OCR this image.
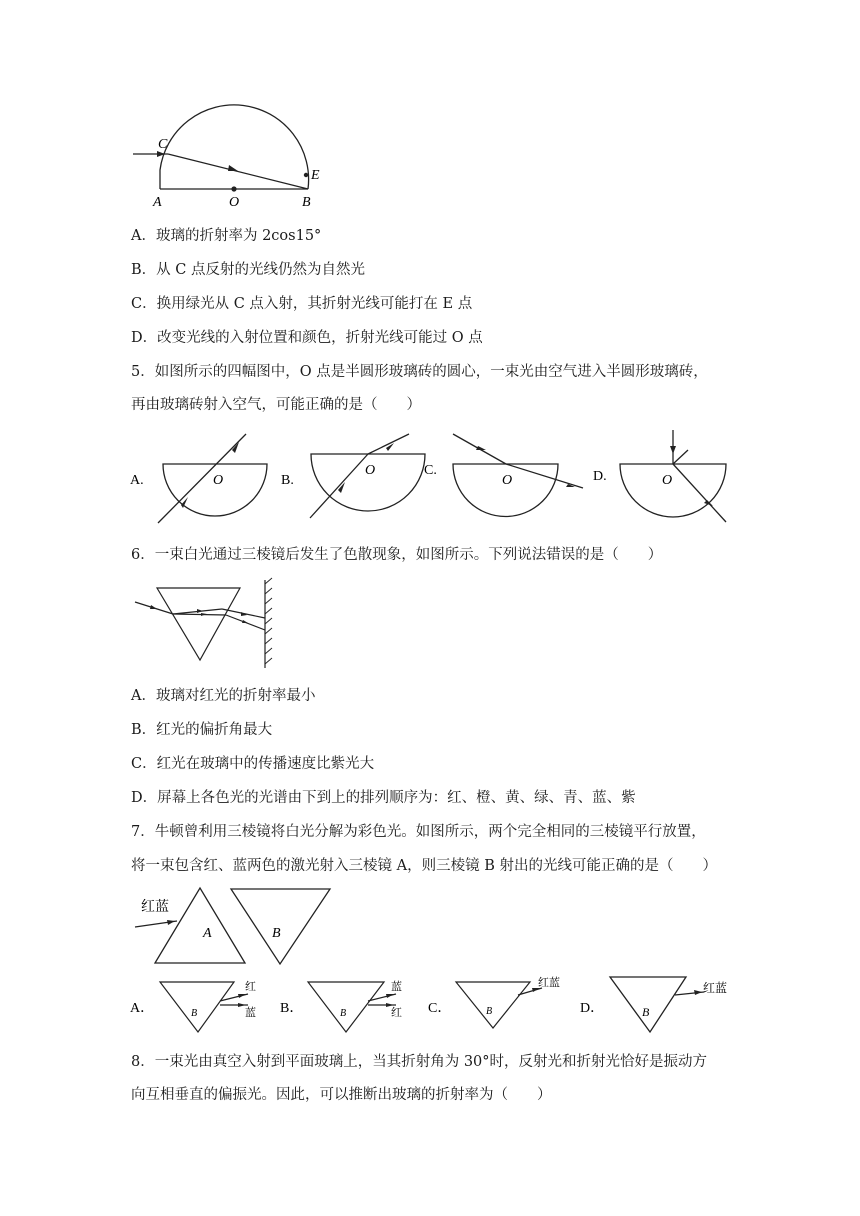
C
E
A	O	B
A．玻璃的折射率为 2cos15°
B．从 C 点反射的光线仍然为自然光
C．换用绿光从 C 点入射，其折射光线可能打在 E 点
D．改变光线的入射位置和颜色，折射光线可能过 O 点
5．如图所示的四幅图中，O 点是半圆形玻璃砖的圆心，一束光由空气进入半圆形玻璃砖，
再由玻璃砖射入空气，可能正确的是（　　）
A.	O	B.
O	C.
O	D.	O
6．一束白光通过三棱镜后发生了色散现象，如图所示。下列说法错误的是（　　）
A．玻璃对红光的折射率最小
B．红光的偏折角最大
C．红光在玻璃中的传播速度比紫光大
D．屏幕上各色光的光谱由下到上的排列顺序为：红、橙、黄、绿、青、蓝、紫
7．牛顿曾利用三棱镜将白光分解为彩色光。如图所示，两个完全相同的三棱镜平行放置，
将一束包含红、蓝两色的激光射入三棱镜 A，则三棱镜 B 射出的光线可能正确的是（　　）
红蓝
A	B
A．	B
红
蓝 B．	B
蓝
红 C．	B
红蓝
D．	B
红蓝
8．一束光由真空入射到平面玻璃上，当其折射角为 30°时，反射光和折射光恰好是振动方
向互相垂直的偏振光。因此，可以推断出玻璃的折射率为（　　）
